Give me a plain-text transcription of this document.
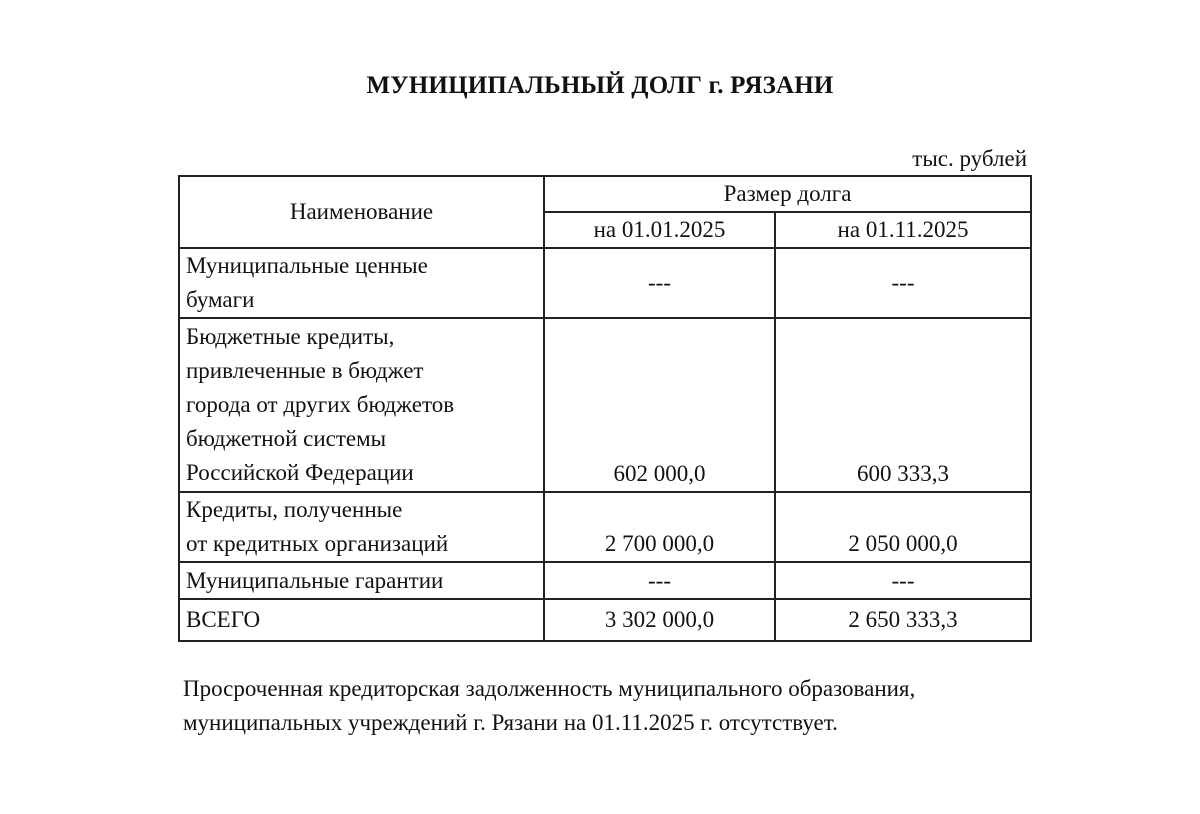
МУНИЦИПАЛЬНЫЙ ДОЛГ г. РЯЗАНИ
тыс. рублей
Наименование	Размер долга	
	на 01.01.2025	на 01.11.2025

Муниципальные ценные
бумаги	---	---

Бюджетные кредиты,
привлеченные в бюджет
города от других бюджетов
бюджетной системы
Российской Федерации	602 000,0	600 333,3

Кредиты, полученные
от кредитных организаций	2 700 000,0	2 050 000,0

Муниципальные гарантии	---	---

ВСЕГО	3 302 000,0	2 650 333,3
Просроченная кредиторская задолженность муниципального образования,
муниципальных учреждений г. Рязани на 01.11.2025 г. отсутствует.
